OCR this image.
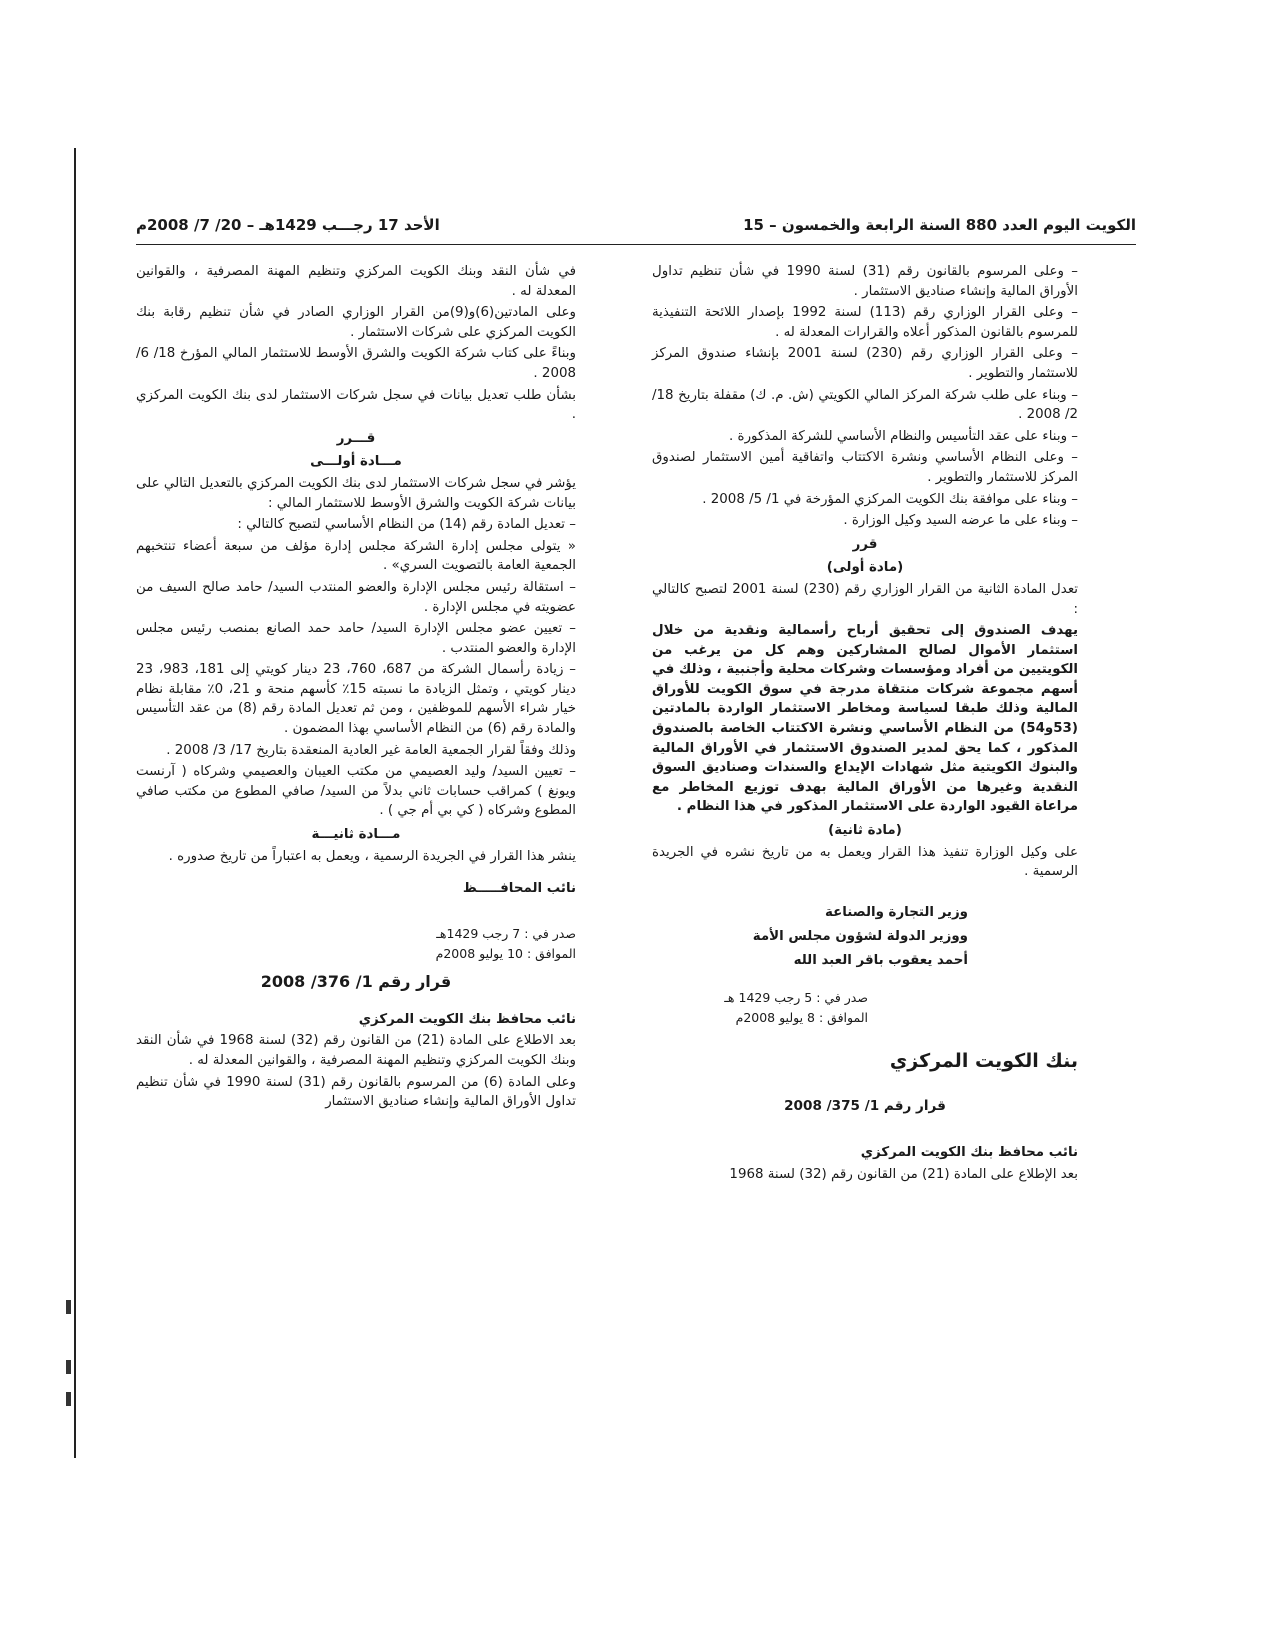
الكويت اليوم العدد 880 السنة الرابعة والخمسون – 15
الأحد 17 رجـــب 1429هـ – 20/ 7/ 2008م

– وعلى المرسوم بالقانون رقم (31) لسنة 1990 في شأن تنظيم تداول الأوراق المالية وإنشاء صناديق الاستثمار .

– وعلى القرار الوزاري رقم (113) لسنة 1992 بإصدار اللائحة التنفيذية للمرسوم بالقانون المذكور أعلاه والقرارات المعدلة له .

– وعلى القرار الوزاري رقم (230) لسنة 2001 بإنشاء صندوق المركز للاستثمار والتطوير .

– وبناء على طلب شركة المركز المالي الكويتي (ش. م. ك) مقفلة بتاريخ 18/ 2/ 2008 .

– وبناء على عقد التأسيس والنظام الأساسي للشركة المذكورة .

– وعلى النظام الأساسي ونشرة الاكتتاب واتفاقية أمين الاستثمار لصندوق المركز للاستثمار والتطوير .

– وبناء على موافقة بنك الكويت المركزي المؤرخة في 1/ 5/ 2008 .

– وبناء على ما عرضه السيد وكيل الوزارة .

قرر
(مادة أولى)

تعدل المادة الثانية من القرار الوزاري رقم (230) لسنة 2001 لتصبح كالتالي :

يهدف الصندوق إلى تحقيق أرباح رأسمالية ونقدية من خلال استثمار الأموال لصالح المشاركين وهم كل من يرغب من الكويتيين من أفراد ومؤسسات وشركات محلية وأجنبية ، وذلك في أسهم مجموعة شركات منتقاة مدرجة في سوق الكويت للأوراق المالية وذلك طبقا لسياسة ومخاطر الاستثمار الواردة بالمادتين (53و54) من النظام الأساسي ونشرة الاكتتاب الخاصة بالصندوق المذكور ، كما يحق لمدير الصندوق الاستثمار في الأوراق المالية والبنوك الكويتية مثل شهادات الإيداع والسندات وصناديق السوق النقدية وغيرها من الأوراق المالية بهدف توزيع المخاطر مع مراعاة القيود الواردة على الاستثمار المذكور في هذا النظام .

(مادة ثانية)

على وكيل الوزارة تنفيذ هذا القرار ويعمل به من تاريخ نشره في الجريدة الرسمية .

وزير التجارة والصناعة

ووزير الدولة لشؤون مجلس الأمة

أحمد يعقوب باقر العبد الله

صدر في : 5 رجب 1429 هـ
الموافق : 8 يوليو 2008م
بنك الكويت المركزي
قرار رقم 1/ 375/ 2008
نائب محافظ بنك الكويت المركزي

بعد الإطلاع على المادة (21) من القانون رقم (32) لسنة 1968

في شأن النقد وبنك الكويت المركزي وتنظيم المهنة المصرفية ، والقوانين المعدلة له .

وعلى المادتين(6)و(9)من القرار الوزاري الصادر في شأن تنظيم رقابة بنك الكويت المركزي على شركات الاستثمار .

وبناءً على كتاب شركة الكويت والشرق الأوسط للاستثمار المالي المؤرخ 18/ 6/ 2008 .

بشأن طلب تعديل بيانات في سجل شركات الاستثمار لدى بنك الكويت المركزي .

قـــرر
مـــادة أولـــى

يؤشر في سجل شركات الاستثمار لدى بنك الكويت المركزي بالتعديل التالي على بيانات شركة الكويت والشرق الأوسط للاستثمار المالي :

– تعديل المادة رقم (14) من النظام الأساسي لتصبح كالتالي :

« يتولى مجلس إدارة الشركة مجلس إدارة مؤلف من سبعة أعضاء تنتخبهم الجمعية العامة بالتصويت السري» .

– استقالة رئيس مجلس الإدارة والعضو المنتدب السيد/ حامد صالح السيف من عضويته في مجلس الإدارة .

– تعيين عضو مجلس الإدارة السيد/ حامد حمد الصانع بمنصب رئيس مجلس الإدارة والعضو المنتدب .

– زيادة رأسمال الشركة من 687، 760، 23 دينار كويتي إلى 181، 983، 23 دينار كويتي ، وتمثل الزيادة ما نسبته 15٪ كأسهم منحة و 21، 0٪ مقابلة نظام خيار شراء الأسهم للموظفين ، ومن ثم تعديل المادة رقم (8) من عقد التأسيس والمادة رقم (6) من النظام الأساسي بهذا المضمون .

وذلك وفقاً لقرار الجمعية العامة غير العادية المنعقدة بتاريخ 17/ 3/ 2008 .

– تعيين السيد/ وليد العصيمي من مكتب العيبان والعصيمي وشركاه ( آرنست ويونغ ) كمراقب حسابات ثاني بدلاً من السيد/ صافي المطوع من مكتب صافي المطوع وشركاه ( كي بي أم جي ) .

مـــادة ثانيـــة

ينشر هذا القرار في الجريدة الرسمية ، ويعمل به اعتباراً من تاريخ صدوره .

نائب المحافـــــظ

صدر في : 7 رجب 1429هـ
الموافق : 10 يوليو 2008م
قرار رقم 1/ 376/ 2008
نائب محافظ بنك الكويت المركزي

بعد الاطلاع على المادة (21) من القانون رقم (32) لسنة 1968 في شأن النقد وبنك الكويت المركزي وتنظيم المهنة المصرفية ، والقوانين المعدلة له .

وعلى المادة (6) من المرسوم بالقانون رقم (31) لسنة 1990 في شأن تنظيم تداول الأوراق المالية وإنشاء صناديق الاستثمار
